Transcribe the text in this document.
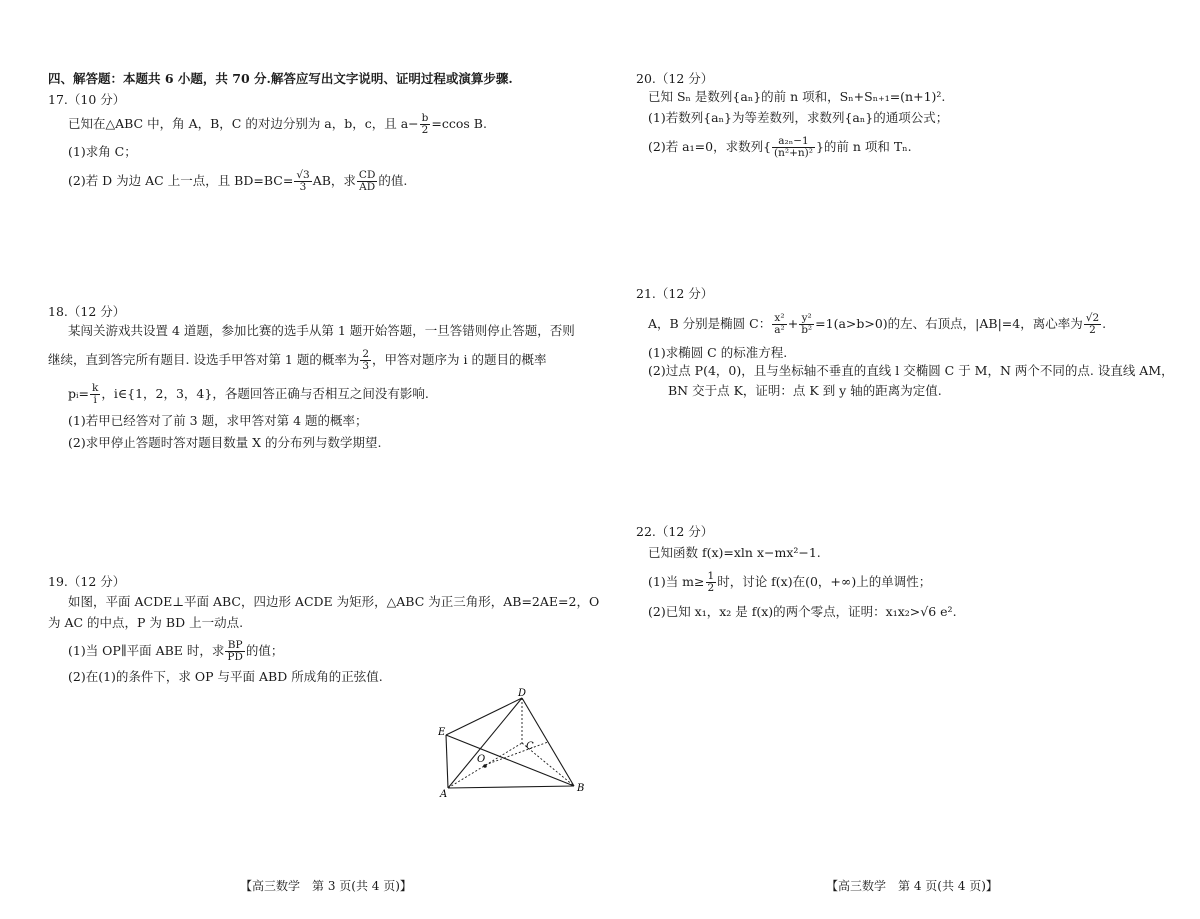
四、解答题：本题共 6 小题，共 70 分.解答应写出文字说明、证明过程或演算步骤.
17.（10 分）
已知在△ABC 中，角 A，B，C 的对边分别为 a，b，c，且 $a- \frac{b}{2} =ccos$ B.
(1)求角 C；
(2)若 D 为边 AC 上一点，且 $BD=BC= \frac{√3}{3}$ AB，求 $\frac{CD}{AD}$ 的值.
18.（12 分）
某闯关游戏共设置 4 道题，参加比赛的选手从第 1 题开始答题，一旦答错则停止答题，否则
继续，直到答完所有题目. 设选手甲答对第 1 题的概率为 $\frac{2}{3}$ ，甲答对题序为 i 的题目的概率
pᵢ= $\frac{k}{i}$ ，i∈{1，2，3，4}，各题回答正确与否相互之间没有影响.
(1)若甲已经答对了前 3 题，求甲答对第 4 题的概率；
(2)求甲停止答题时答对题目数量 X 的分布列与数学期望.
19.（12 分）
如图，平面 ACDE⊥平面 ABC，四边形 ACDE 为矩形，△ABC 为正三角形，AB=2AE=2，O
为 AC 的中点，P 为 BD 上一动点.
(1)当 OP∥平面 ABE 时，求 $\frac{BP}{PD}$ 的值；
(2)在(1)的条件下，求 OP 与平面 ABD 所成角的正弦值.
D
E
C
O
A
B
【高三数学　第 3 页(共 4 页)】
20.（12 分）
已知 Sₙ 是数列{aₙ}的前 n 项和，Sₙ+Sₙ₊₁=(n+1)².
(1)若数列{aₙ}为等差数列，求数列{aₙ}的通项公式；
(2)若 a₁=0，求数列{ $\frac{\text{a₂ₙ−1}}{\text{(n²+n)²}}$ }的前 n 项和 Tₙ.
21.（12 分）
A，B 分别是椭圆 C： $\frac{\text{x²}}{\text{a²}} + \frac{\text{y²}}{\text{b²}} =1(a>b>0)$的左、右顶点，|AB|=4，离心率为 $\frac{√2}{2}$ .
(1)求椭圆 C 的标准方程.
(2)过点 P(4，0)，且与坐标轴不垂直的直线 l 交椭圆 C 于 M，N 两个不同的点. 设直线 AM，
BN 交于点 K，证明：点 K 到 y 轴的距离为定值.
22.（12 分）
已知函数 f(x)=xln x−mx²−1.
(1)当 $m\ge \frac{1}{2}$ 时，讨论 f(x)在(0，+∞)上的单调性；
(2)已知 x₁，x₂ 是 f(x)的两个零点，证明：x₁x₂>√6 e².
【高三数学　第 4 页(共 4 页)】
